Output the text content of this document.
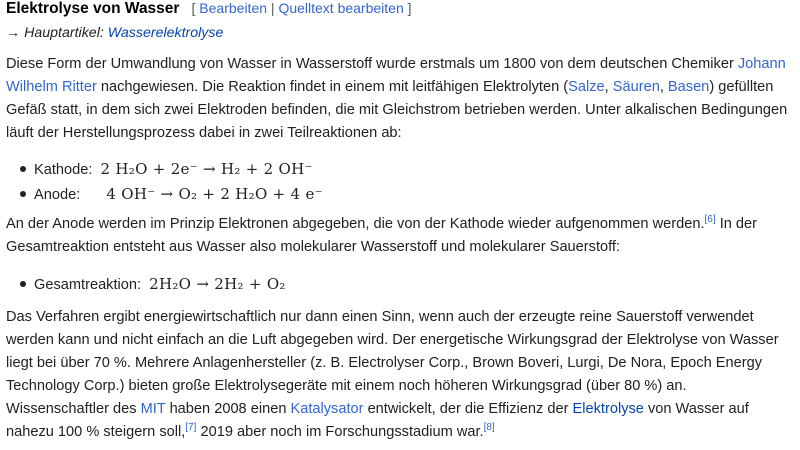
Elektrolyse von Wasser [ Bearbeiten | Quelltext bearbeiten ]
→ Hauptartikel: Wasserelektrolyse

Diese Form der Umwandlung von Wasser in Wasserstoff wurde erstmals um 1800 von dem deutschen Chemiker Johann Wilhelm Ritter nachgewiesen. Die Reaktion findet in einem mit leitfähigen Elektrolyten (Salze, Säuren, Basen) gefüllten Gefäß statt, in dem sich zwei Elektroden befinden, die mit Gleichstrom betrieben werden. Unter alkalischen Bedingungen läuft der Herstellungsprozess dabei in zwei Teilreaktionen ab:

Kathode: 2 H₂O + 2e⁻ → H₂ + 2 OH⁻
Anode: 4 OH⁻ → O₂ + 2 H₂O + 4 e⁻

An der Anode werden im Prinzip Elektronen abgegeben, die von der Kathode wieder aufgenommen werden.[6] In der Gesamtreaktion entsteht aus Wasser also molekularer Wasserstoff und molekularer Sauerstoff:

Gesamtreaktion: 2H₂O → 2H₂ + O₂

Das Verfahren ergibt energiewirtschaftlich nur dann einen Sinn, wenn auch der erzeugte reine Sauerstoff verwendet werden kann und nicht einfach an die Luft abgegeben wird. Der energetische Wirkungsgrad der Elektrolyse von Wasser liegt bei über 70 %. Mehrere Anlagenhersteller (z. B. Electrolyser Corp., Brown Boveri, Lurgi, De Nora, Epoch Energy Technology Corp.) bieten große Elektrolysegeräte mit einem noch höheren Wirkungsgrad (über 80 %) an. Wissenschaftler des MIT haben 2008 einen Katalysator entwickelt, der die Effizienz der Elektrolyse von Wasser auf nahezu 100 % steigern soll,[7] 2019 aber noch im Forschungsstadium war.[8]
